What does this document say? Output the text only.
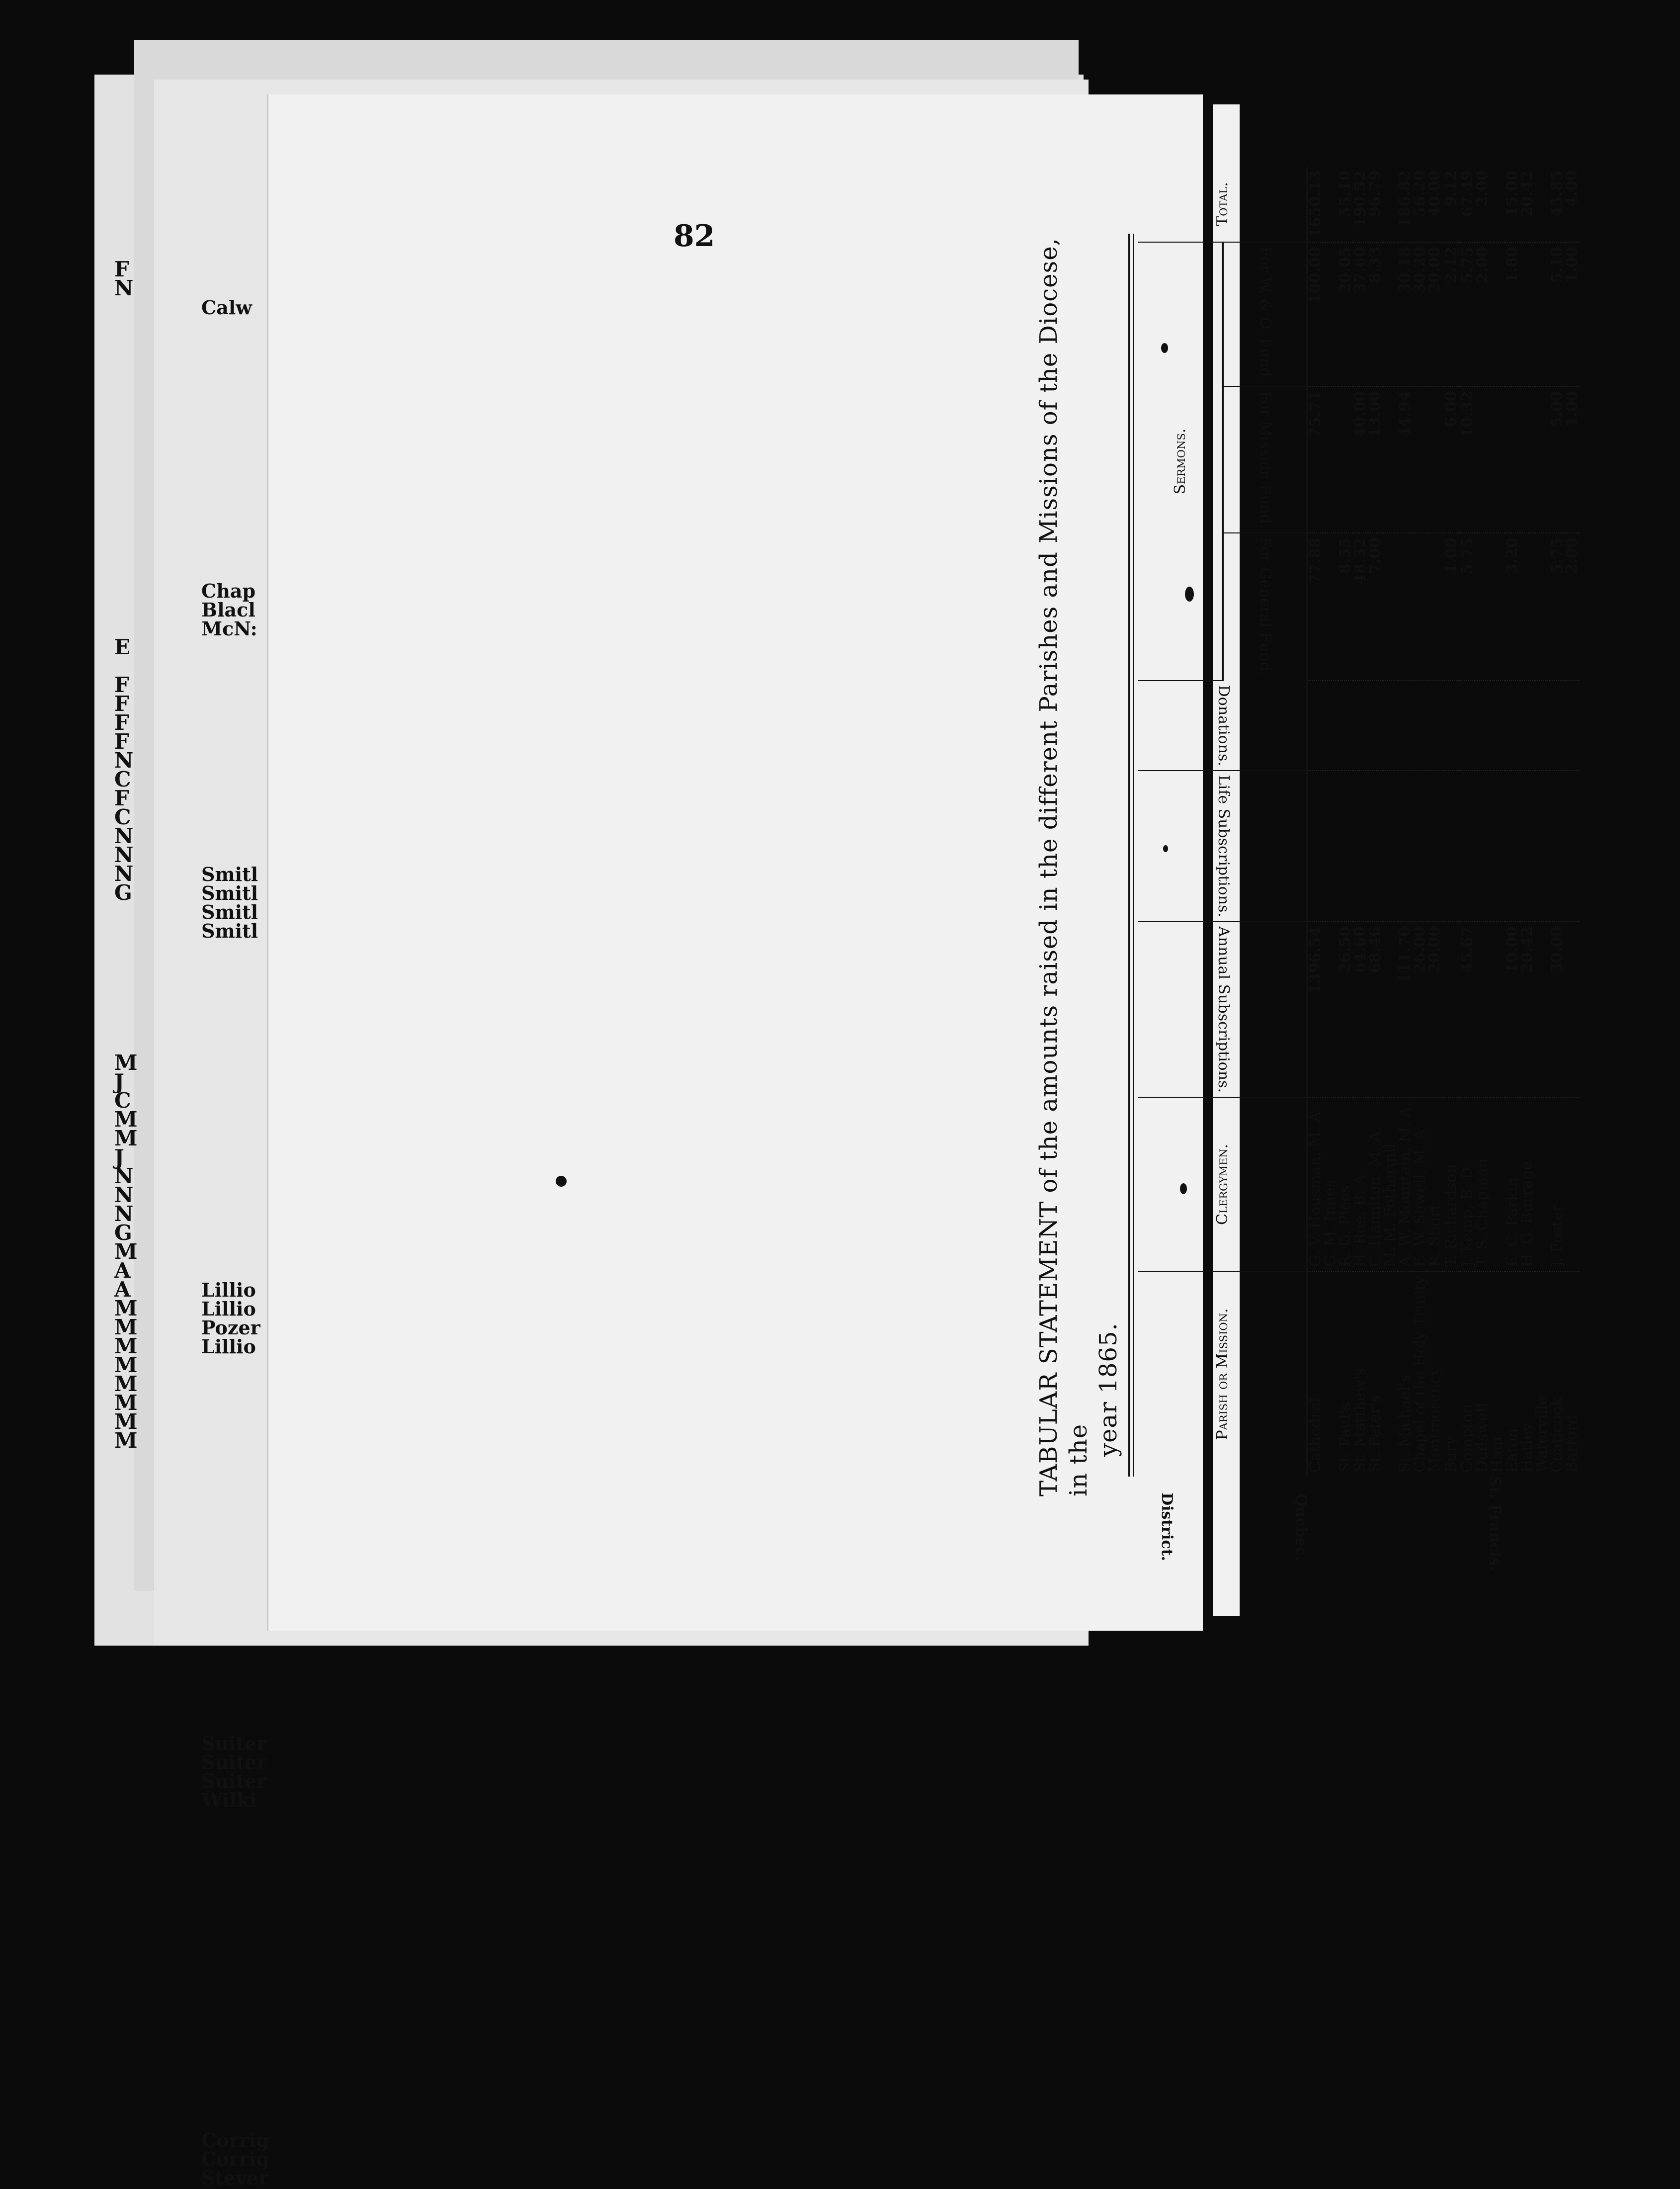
F
N
E
F
F
F
F
N
C
F
C
N
N
N
G
M
J
C
M
M
J
N
N
N
G
M
A
A
M
M
M
M
M
M
M
M
Calw
Chap
Blacl
McN:
Smitl
Smitl
Smitl
Smitl
Lillio
Lillio
Pozer
Lillio
Suiter
Suiter
Suiter
Wilki
Corrig
Corrig
Stever
82
TABULAR STATEMENT of the amounts raised in the different Parishes and Missions of the Diocese, in the
year 1865.
District.	Quebec.	St. Francis.
Parish or Mission.	Clergymen.	Annual Subscriptions.	Life Subscriptions.	Donations.	Sermons.			Total.
					For General Fund.	For Mission Fund.	For W. & O. Fund.	
Cathedral	G. V. Housman, M. A.	1396.54			77.88	75.71	100.00	1650.13
	G. M. Innes							
St. Paul's	R. G. Plees	26.50			8.55		20.05	55.10
St. Matthew's	H. Roe, B. A.	64.60			48.32	40.00	37.60	190.52
St. Peter's	C. Hamilton, M. A.	68.46			7.00	13.00	8.33	96.79
	M. M. Fothergill							
St. Michael's	A. W. Mountain, M. A.	111.70				44.94	30.18	186.82
Chapel of the Holy Trinity	E. W. Sewell, M. A.	26.00					30.20	56.20
Montmorency	R. Short	20.00					20.00	40.00
Bury	T. Richardson				1.00	6.00	2.12	9.12
Compton	J. Kemp, B. D.	45.67			5.75	10.32	5.75	67.49
Dudswell	T. S. Chapman						2.00	2.00
Ham								
Eaton	E. C. Parkin	10.00			3.20		1.80	15.00
Hatley	H. G. Burrage	20.42						20.42
Waterville								
Coaticook	J. Foster	30.00			5.75	5.00	5.10	45.85
Barford					2.00	1.00	1.00	4.00
